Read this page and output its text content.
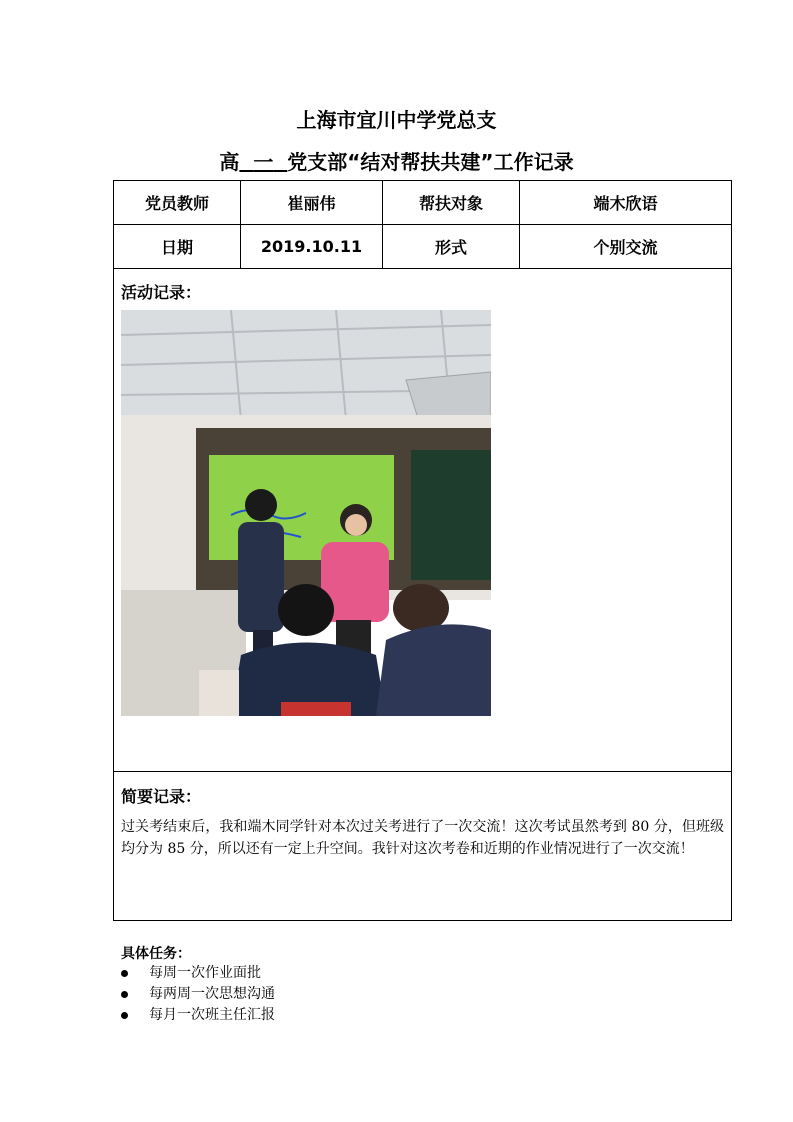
上海市宜川中学党总支
高 一 党支部“结对帮扶共建”工作记录
党员教师	崔丽伟	帮扶对象	端木欣语
日期	2019.10.11	形式	个别交流
活动记录：
简要记录：
过关考结束后，我和端木同学针对本次过关考进行了一次交流！这次考试虽然考到 80 分，但班级均分为 85 分，所以还有一定上升空间。我针对这次考卷和近期的作业情况进行了一次交流！
具体任务：
每周一次作业面批
每两周一次思想沟通
每月一次班主任汇报
